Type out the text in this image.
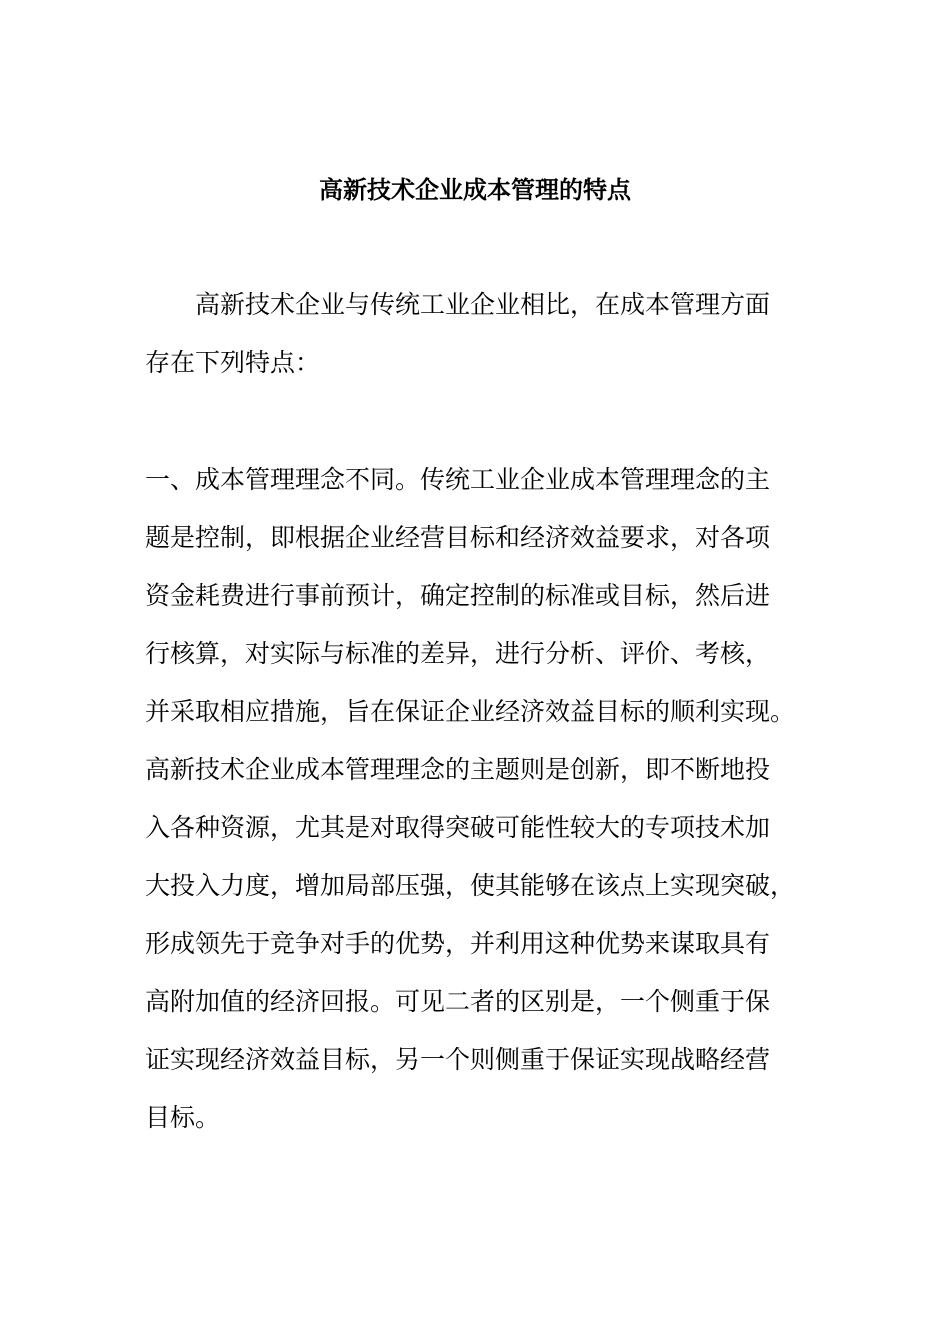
高新技术企业成本管理的特点

　　高新技术企业与传统工业企业相比，在成本管理方面
存在下列特点：

一、成本管理理念不同。传统工业企业成本管理理念的主
题是控制，即根据企业经营目标和经济效益要求，对各项
资金耗费进行事前预计，确定控制的标准或目标，然后进
行核算，对实际与标准的差异，进行分析、评价、考核，
并采取相应措施，旨在保证企业经济效益目标的顺利实现。
高新技术企业成本管理理念的主题则是创新，即不断地投
入各种资源，尤其是对取得突破可能性较大的专项技术加
大投入力度，增加局部压强，使其能够在该点上实现突破，
形成领先于竞争对手的优势，并利用这种优势来谋取具有
高附加值的经济回报。可见二者的区别是，一个侧重于保
证实现经济效益目标，另一个则侧重于保证实现战略经营
目标。
